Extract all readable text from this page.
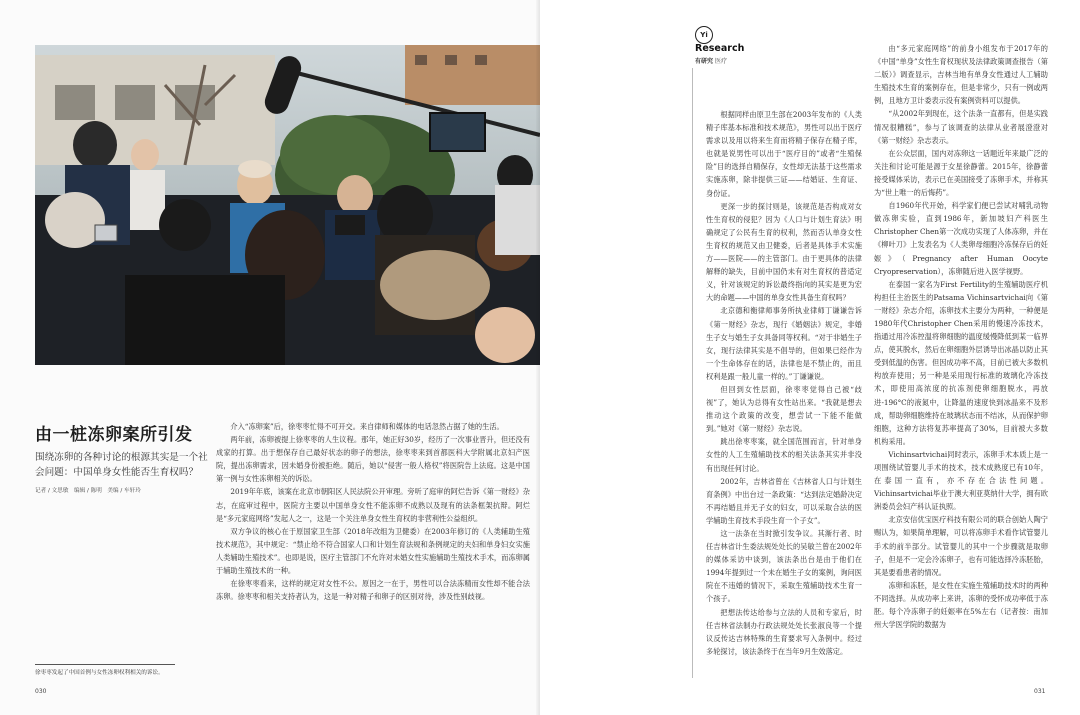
由一桩冻卵案所引发
围绕冻卵的各种讨论的根源其实是一个社会问题：中国单身女性能否生育权吗？
记者 / 文思敏　编辑 / 陈明　美编 / 车轩玲

介入“冻卵案”后，徐枣枣忙得不可开交。来自律师和媒体的电话忽然占据了她的生活。

两年前，冻卵被提上徐枣枣的人生议程。那年，她正好30岁，经历了一次事业晋升，但还没有成家的打算。出于想保存自己最好状态的卵子的想法，徐枣枣来到首都医科大学附属北京妇产医院，提出冻卵需求，因未婚身份被拒绝。随后，她以“侵害一般人格权”将医院告上法庭。这是中国第一例与女性冻卵相关的诉讼。

2019年年底，该案在北京市朝阳区人民法院公开审理。旁听了庭审的阿烂告诉《第一财经》杂志，在庭审过程中，医院方主要以中国单身女性不能冻卵不成熟以及现有的法条框架抗辩。阿烂是“多元家庭网络”发起人之一，这是一个关注单身女性生育权的非营利性公益组织。

双方争议的核心在于原国家卫生部（2018年改组为卫健委）在2003年修订的《人类辅助生殖技术规范》，其中规定：“禁止给不符合国家人口和计划生育法规和条例规定的夫妇和单身妇女实施人类辅助生殖技术”。也即是说，医疗主管部门不允许对未婚女性实施辅助生殖技术手术，而冻卵属于辅助生殖技术的一种。

在徐枣枣看来，这样的规定对女性不公。原因之一在于，男性可以合法冻精而女性却不能合法冻卵。徐枣枣和相关支持者认为，这是一种对精子和卵子的区别对待，涉及性别歧视。

徐枣枣发起了中国首例与女性冻卵权利相关的诉讼。
030
Yi
Research
有研究 医疗

根据同样由原卫生部在2003年发布的《人类精子库基本标准和技术规范》，男性可以出于医疗需求以及用以将来生育而将精子保存在精子库，也就是说男性可以出于“医疗目的”或者“生殖保险”目的选择自精保存，女性却无法基于这些需求实施冻卵，除非提供三证——结婚证、生育证、身份证。

更深一步的探讨则是，该规范是否构成对女性生育权的侵犯？因为《人口与计划生育法》明确规定了公民有生育的权利，然而否认单身女性生育权的规范又由卫健委，后者是具体手术实施方——医院——的主管部门。由于更具体的法律解释的缺失，目前中国仍未有对生育权的普适定义，针对该规定的诉讼最终指向的其实是更为宏大的命题——中国的单身女性具备生育权吗？

北京德和衡律师事务所执业律师丁谦谦告诉《第一财经》杂志，现行《婚姻法》规定，非婚生子女与婚生子女具备同等权利。“对于非婚生子女，现行法律其实是不倡导的，但如果已经作为一个生命体存在的话，法律也是不禁止的，而且权利是跟一般儿童一样的。”丁谦谦说。

但回到女性层面，徐枣枣觉得自己被“歧视”了，她认为总得有女性站出来。“我就是想去推动这个政策的改变，想尝试一下能不能做到。”她对《第一财经》杂志说。

跳出徐枣枣案，就全国范围而言，针对单身女性的人工生殖辅助技术的相关法条其实并非没有出现任何讨论。

2002年，吉林省曾在《吉林省人口与计划生育条例》中出台过一条政策：“达到法定婚龄决定不再结婚且并无子女的妇女，可以采取合法的医学辅助生育技术手段生育一个子女”。

这一法条在当时掀引发争议。其渐行者、时任吉林省计生委法规处处长的吴敏兰曾在2002年的媒体采访中谈到，该法条出台是由于他们在1994年提到过一个未在婚生子女的案例，询问医院在不违婚的情况下，采取生殖辅助技术生育一个孩子。

把想法传达给参与立法的人员和专家后，时任吉林省法制办行政法规处处长张淑良等一个提议反传达吉林特殊的生育要求写入条例中。经过多轮探讨，该法条终于在当年9月生效落定。

由“多元家庭网络”的前身小组发布于2017年的《中国“单身”女性生育权现状及法律政策调查报告（第二版）》调查显示，吉林当地有单身女性通过人工辅助生殖技术生育的案例存在，但是非常少，只有一例或两例，且地方卫计委表示没有案例资料可以提供。

“从2002年到现在，这个法条一直都有，但是实践情况很糟糕”，参与了该调查的法律从业者展澄澄对《第一财经》杂志表示。

在公众层面，国内对冻卵这一话题近年来最广泛的关注和讨论可能是源于女星徐静蕾。2015年，徐静蕾接受媒体采访，表示已在美国接受了冻卵手术，并称其为“世上唯一的后悔药”。

自1960年代开始，科学家们便已尝试对哺乳动物做冻卵实验，直到1986年，新加坡妇产科医生Christopher Chen第一次成功实现了人体冻卵，并在《柳叶刀》上发表名为《人类卵母细胞冷冻保存后的妊娠》（Pregnancy after Human Oocyte Cryopreservation），冻卵随后进入医学视野。

在泰国一家名为First Fertility的生殖辅助医疗机构担任主治医生的Patsama Vichinsartvichai向《第一财经》杂志介绍，冻卵技术主要分为两种，一种便是1980年代Christopher Chen采用的慢速冷冻技术，指通过用冷冻控温将卵细胞的温度缓慢降低到某一临界点，使其脱水，然后在卵细胞外层诱导出冰晶以防止其受到低温的伤害。但因成功率不高，目前已被大多数机构放弃使用；另一种是采用现行标准的玻璃化冷冻技术，即使用高浓度的抗冻剂使卵细胞脱水，再放进-196°C的液氮中，让降温的速度快到冰晶来不及形成，帮助卵细胞维持在玻璃状态而不结冰，从而保护卵细胞，这种方法将复苏率提高了30%，目前被大多数机构采用。

Vichinsartvichai同时表示，冻卵手术本质上是一项围绕试管婴儿手术的技术，技术成熟度已有10年，在泰国一直有，亦不存在合法性问题。Vichinsartvichai毕业于澳大利亚莫纳什大学，拥有欧洲委员会妇产科认证执照。

北京安信优宝医疗科技有限公司的联合创始人陶宁赐认为，如果简单理解，可以将冻卵手术看作试管婴儿手术的前半部分。试管婴儿的其中一个步骤就是取卵子，但是不一定会冷冻卵子，也有可能选择冷冻胚胎，其是要看患者的情况。

冻卵和冻胚，是女性在实施生殖辅助技术时的两种不同选择。从成功率上来讲，冻卵的受怀成功率低于冻胚。每个冷冻卵子的妊娠率在5%左右（记者按：南加州大学医学院的数据为

031
